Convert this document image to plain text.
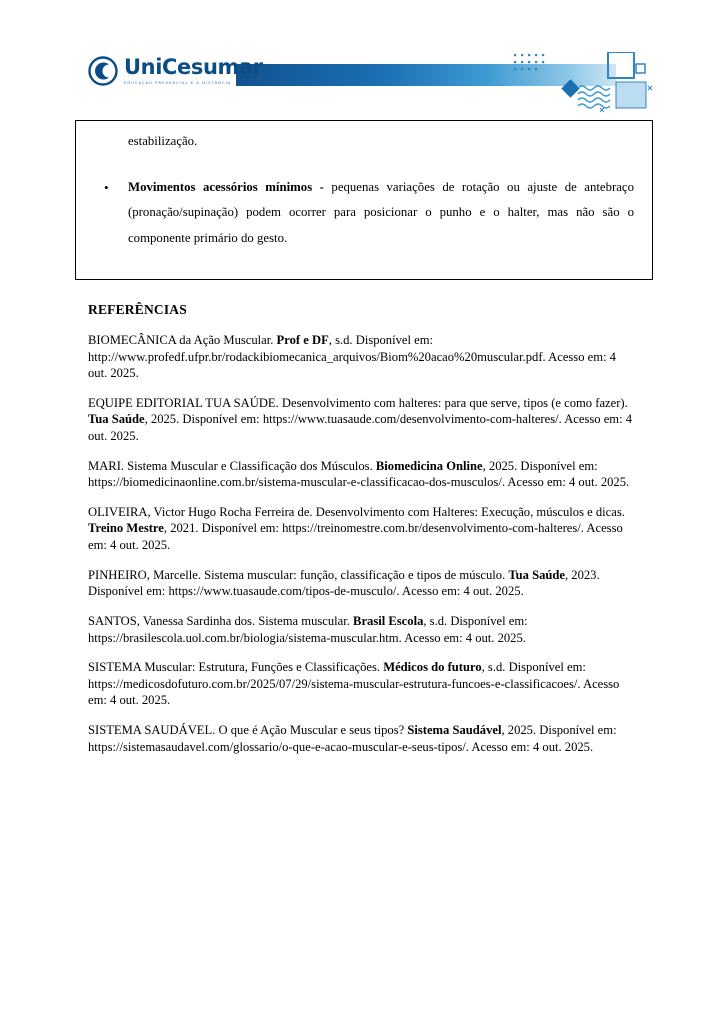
UniCesumar
EDUCAÇÃO PRESENCIAL E A DISTÂNCIA
estabilização.
• Movimentos acessórios mínimos - pequenas variações de rotação ou ajuste de antebraço (pronação/supinação) podem ocorrer para posicionar o punho e o halter, mas não são o componente primário do gesto.
REFERÊNCIAS

BIOMECÂNICA da Ação Muscular. Prof e DF, s.d. Disponível em: http://www.profedf.ufpr.br/rodackibiomecanica_arquivos/Biom%20acao%20muscular.pdf. Acesso em: 4 out. 2025.

EQUIPE EDITORIAL TUA SAÚDE. Desenvolvimento com halteres: para que serve, tipos (e como fazer). Tua Saúde, 2025. Disponível em: https://www.tuasaude.com/desenvolvimento-com-halteres/. Acesso em: 4 out. 2025.

MARI. Sistema Muscular e Classificação dos Músculos. Biomedicina Online, 2025. Disponível em: https://biomedicinaonline.com.br/sistema-muscular-e-classificacao-dos-musculos/. Acesso em: 4 out. 2025.

OLIVEIRA, Victor Hugo Rocha Ferreira de. Desenvolvimento com Halteres: Execução, músculos e dicas. Treino Mestre, 2021. Disponível em: https://treinomestre.com.br/desenvolvimento-com-halteres/. Acesso em: 4 out. 2025.

PINHEIRO, Marcelle. Sistema muscular: função, classificação e tipos de músculo. Tua Saúde, 2023. Disponível em: https://www.tuasaude.com/tipos-de-musculo/. Acesso em: 4 out. 2025.

SANTOS, Vanessa Sardinha dos. Sistema muscular. Brasil Escola, s.d. Disponível em: https://brasilescola.uol.com.br/biologia/sistema-muscular.htm. Acesso em: 4 out. 2025.

SISTEMA Muscular: Estrutura, Funções e Classificações. Médicos do futuro, s.d. Disponível em: https://medicosdofuturo.com.br/2025/07/29/sistema-muscular-estrutura-funcoes-e-classificacoes/. Acesso em: 4 out. 2025.

SISTEMA SAUDÁVEL. O que é Ação Muscular e seus tipos? Sistema Saudável, 2025. Disponível em: https://sistemasaudavel.com/glossario/o-que-e-acao-muscular-e-seus-tipos/. Acesso em: 4 out. 2025.
